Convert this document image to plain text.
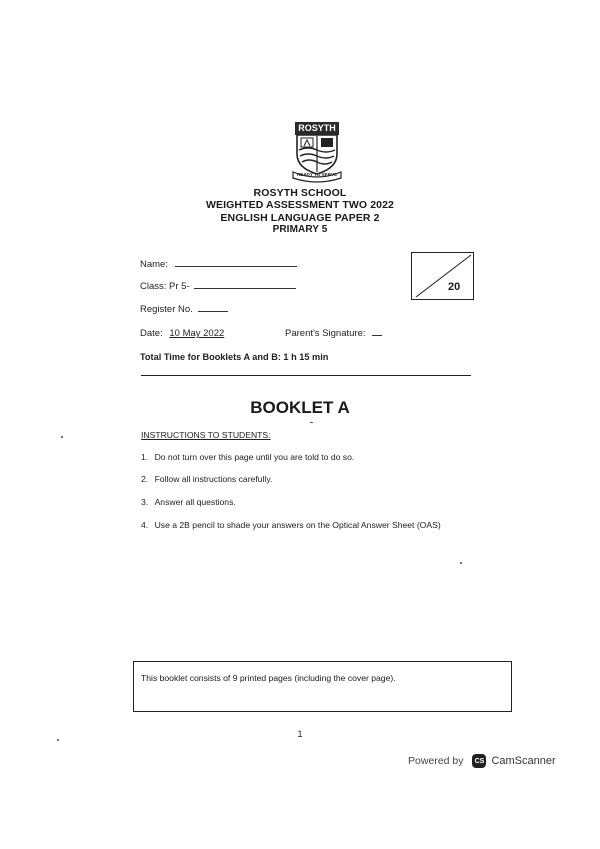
ROSYTH
READY TO SERVE
ROSYTH SCHOOL
WEIGHTED ASSESSMENT TWO 2022
ENGLISH LANGUAGE PAPER 2
PRIMARY 5
Name:
Class: Pr 5-
Register No.
Date: 10 May 2022	Parent's Signature:
Total Time for Booklets A and B: 1 h 15 min
20
BOOKLET A
INSTRUCTIONS TO STUDENTS:
1. Do not turn over this page until you are told to do so.
2. Follow all instructions carefully.
3. Answer all questions.
4. Use a 2B pencil to shade your answers on the Optical Answer Sheet (OAS)
This booklet consists of 9 printed pages (including the cover page).
1
Powered by CS CamScanner
